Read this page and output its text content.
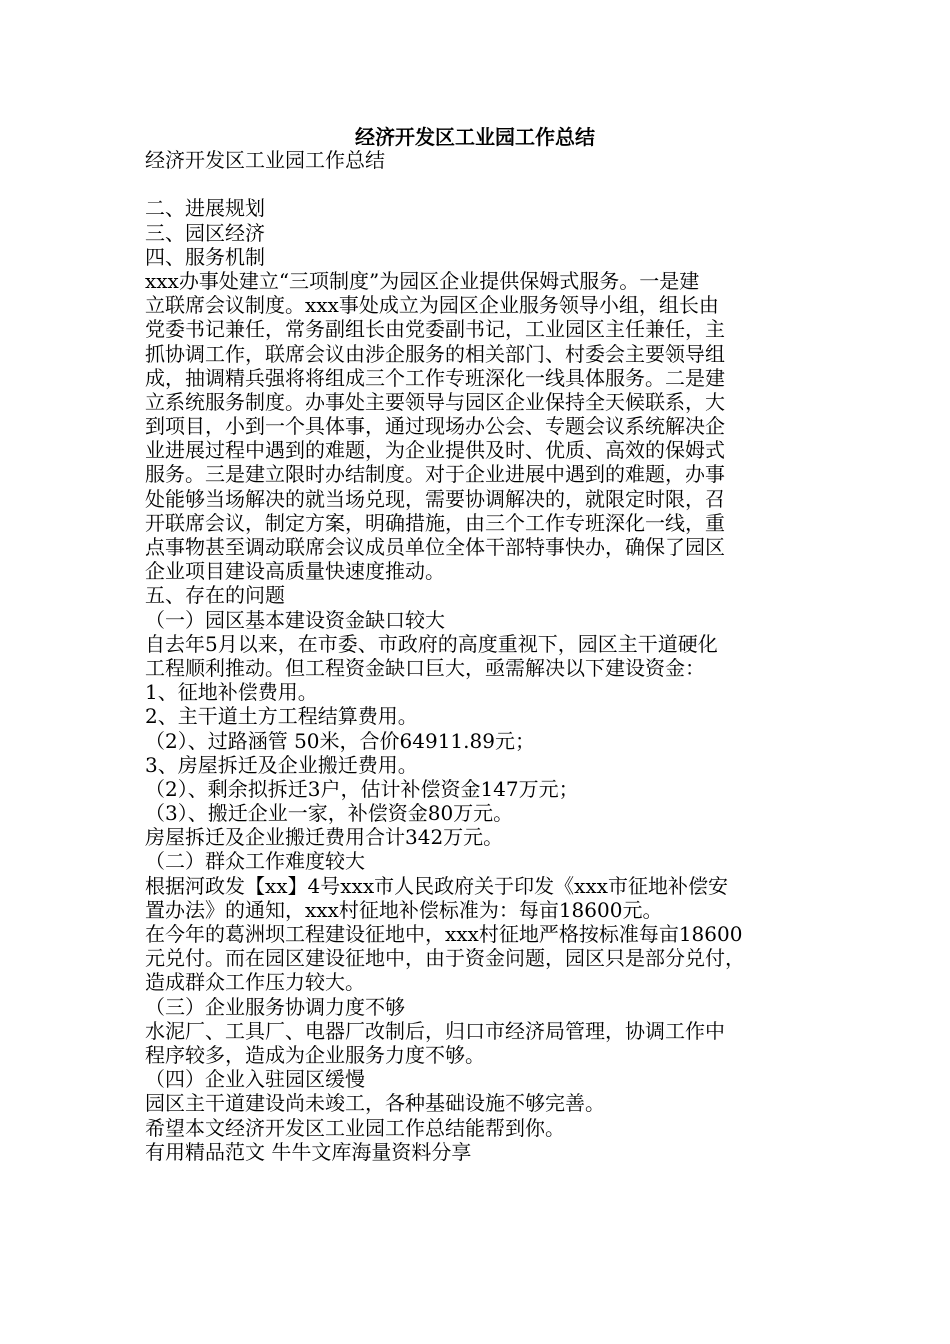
经济开发区工业园工作总结
经济开发区工业园工作总结
二、进展规划
三、园区经济
四、服务机制
xxx办事处建立“三项制度”为园区企业提供保姆式服务。一是建
立联席会议制度。xxx事处成立为园区企业服务领导小组，组长由
党委书记兼任，常务副组长由党委副书记，工业园区主任兼任，主
抓协调工作，联席会议由涉企服务的相关部门、村委会主要领导组
成，抽调精兵强将将组成三个工作专班深化一线具体服务。二是建
立系统服务制度。办事处主要领导与园区企业保持全天候联系，大
到项目，小到一个具体事，通过现场办公会、专题会议系统解决企
业进展过程中遇到的难题，为企业提供及时、优质、高效的保姆式
服务。三是建立限时办结制度。对于企业进展中遇到的难题，办事
处能够当场解决的就当场兑现，需要协调解决的，就限定时限，召
开联席会议，制定方案，明确措施，由三个工作专班深化一线，重
点事物甚至调动联席会议成员单位全体干部特事快办，确保了园区
企业项目建设高质量快速度推动。
五、存在的问题
（一）园区基本建设资金缺口较大
自去年5月以来，在市委、市政府的高度重视下，园区主干道硬化
工程顺利推动。但工程资金缺口巨大，亟需解决以下建设资金：
1、征地补偿费用。
2、主干道土方工程结算费用。
（2）、过路涵管 50米，合价64911.89元；
3、房屋拆迁及企业搬迁费用。
（2）、剩余拟拆迁3户，估计补偿资金147万元；
（3）、搬迁企业一家，补偿资金80万元。
房屋拆迁及企业搬迁费用合计342万元。
（二）群众工作难度较大
根据河政发【xx】4号xxx市人民政府关于印发《xxx市征地补偿安
置办法》的通知，xxx村征地补偿标准为：每亩18600元。
在今年的葛洲坝工程建设征地中，xxx村征地严格按标准每亩18600
元兑付。而在园区建设征地中，由于资金问题，园区只是部分兑付，
造成群众工作压力较大。
（三）企业服务协调力度不够
水泥厂、工具厂、电器厂改制后，归口市经济局管理，协调工作中
程序较多，造成为企业服务力度不够。
（四）企业入驻园区缓慢
园区主干道建设尚未竣工，各种基础设施不够完善。
希望本文经济开发区工业园工作总结能帮到你。
有用精品范文 牛牛文库海量资料分享
